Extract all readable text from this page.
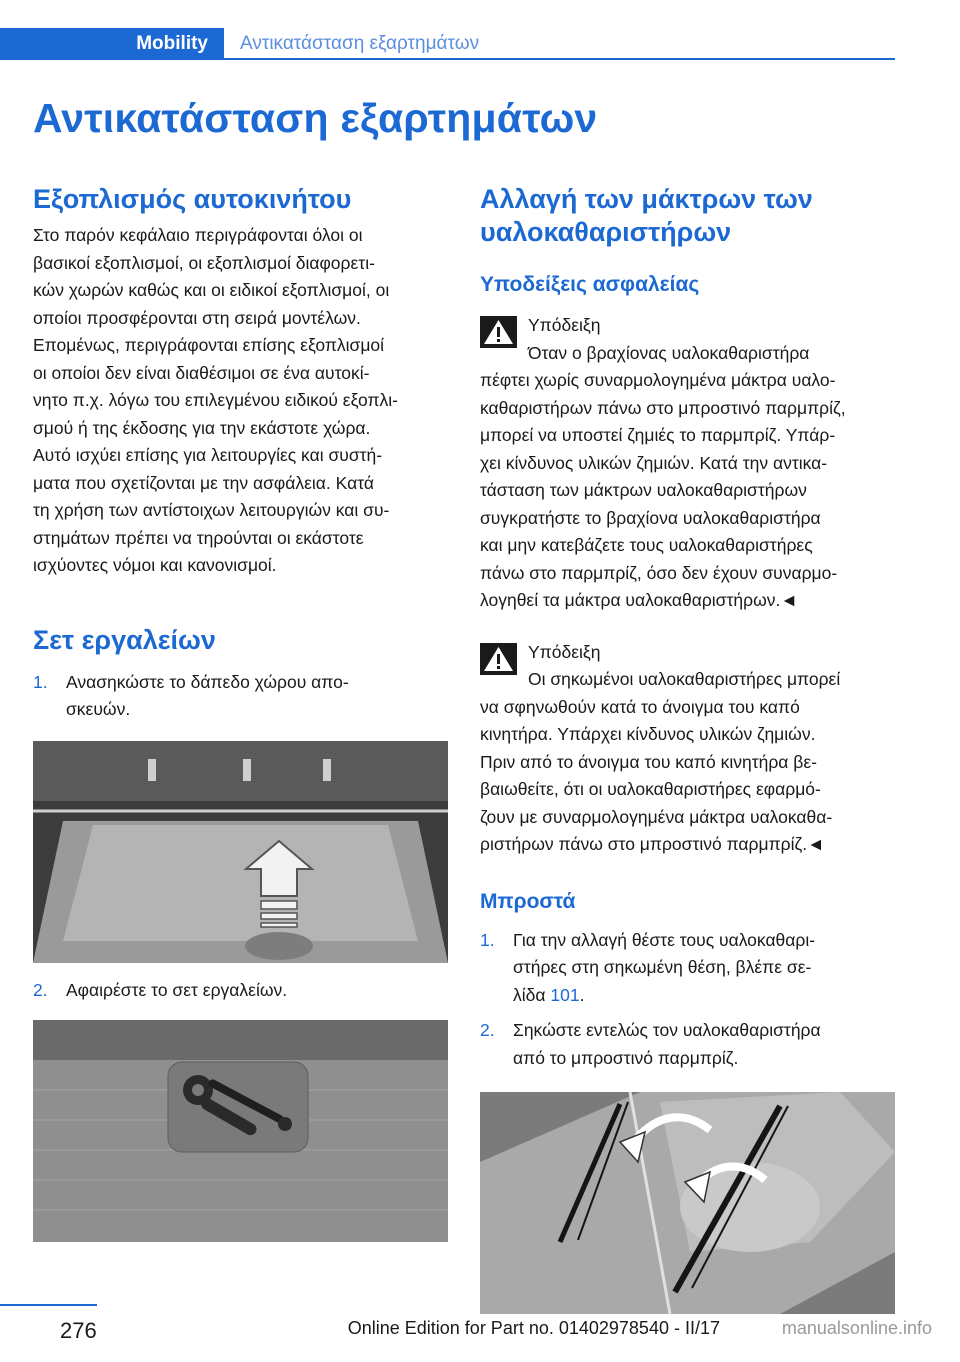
Mobility	Αντικατάσταση εξαρτημάτων
Αντικατάσταση εξαρτημάτων
Εξοπλισμός αυτοκινήτου

Στο παρόν κεφάλαιο περιγράφονται όλοι οι

βασικοί εξοπλισμοί, οι εξοπλισμοί διαφορετι‐

κών χωρών καθώς και οι ειδικοί εξοπλισμοί, οι

οποίοι προσφέρονται στη σειρά μοντέλων.

Επομένως, περιγράφονται επίσης εξοπλισμοί

οι οποίοι δεν είναι διαθέσιμοι σε ένα αυτοκί‐

νητο π.χ. λόγω του επιλεγμένου ειδικού εξοπλι‐

σμού ή της έκδοσης για την εκάστοτε χώρα.

Αυτό ισχύει επίσης για λειτουργίες και συστή‐

ματα που σχετίζονται με την ασφάλεια. Κατά

τη χρήση των αντίστοιχων λειτουργιών και συ‐

στημάτων πρέπει να τηρούνται οι εκάστοτε

ισχύοντες νόμοι και κανονισμοί.

Σετ εργαλείων
1. Ανασηκώστε το δάπεδο χώρου απο‐
σκευών.
2. Αφαιρέστε το σετ εργαλείων.
Αλλαγή των μάκτρων των
υαλοκαθαριστήρων
Υποδείξεις ασφαλείας

Υπόδειξη

Όταν ο βραχίονας υαλοκαθαριστήρα

πέφτει χωρίς συναρμολογημένα μάκτρα υαλο‐

καθαριστήρων πάνω στο μπροστινό παρμπρίζ,

μπορεί να υποστεί ζημιές το παρμπρίζ. Υπάρ‐

χει κίνδυνος υλικών ζημιών. Κατά την αντικα‐

τάσταση των μάκτρων υαλοκαθαριστήρων

συγκρατήστε το βραχίονα υαλοκαθαριστήρα

και μην κατεβάζετε τους υαλοκαθαριστήρες

πάνω στο παρμπρίζ, όσο δεν έχουν συναρμο‐

λογηθεί τα μάκτρα υαλοκαθαριστήρων.◄

Υπόδειξη

Οι σηκωμένοι υαλοκαθαριστήρες μπορεί

να σφηνωθούν κατά το άνοιγμα του καπό

κινητήρα. Υπάρχει κίνδυνος υλικών ζημιών.

Πριν από το άνοιγμα του καπό κινητήρα βε‐

βαιωθείτε, ότι οι υαλοκαθαριστήρες εφαρμό‐

ζουν με συναρμολογημένα μάκτρα υαλοκαθα‐

ριστήρων πάνω στο μπροστινό παρμπρίζ.◄

Μπροστά
1. Για την αλλαγή θέστε τους υαλοκαθαρι‐
στήρες στη σηκωμένη θέση, βλέπε σε‐
λίδα 101.
2. Σηκώστε εντελώς τον υαλοκαθαριστήρα
από το μπροστινό παρμπρίζ.
276	Online Edition for Part no. 01402978540 - II/17	manualsonline.info
